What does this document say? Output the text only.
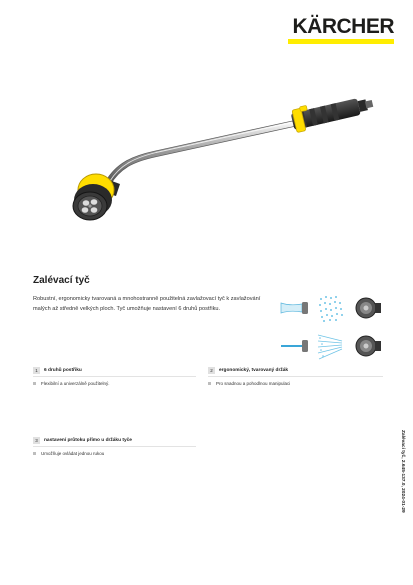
KÄRCHER
Zalévací tyč
Robustní, ergonomicky tvarovaná a mnohostranně použitelná zavlažovací tyč k zavlažování malých až středně velkých ploch. Tyč umožňuje nastavení 6 druhů postřiku.
1	6 druhů postřiku
Flexibilní a univerzálně použitelný.
2	ergonomický, tvarovaný držák
Pro snadnou a pohodlnou manipulaci
3	nastavení průtoku přímo u držáku tyče
Umožňuje ovládat jednou rukou	Zalévací tyč, 2.645-137.0, 2024-01-29
